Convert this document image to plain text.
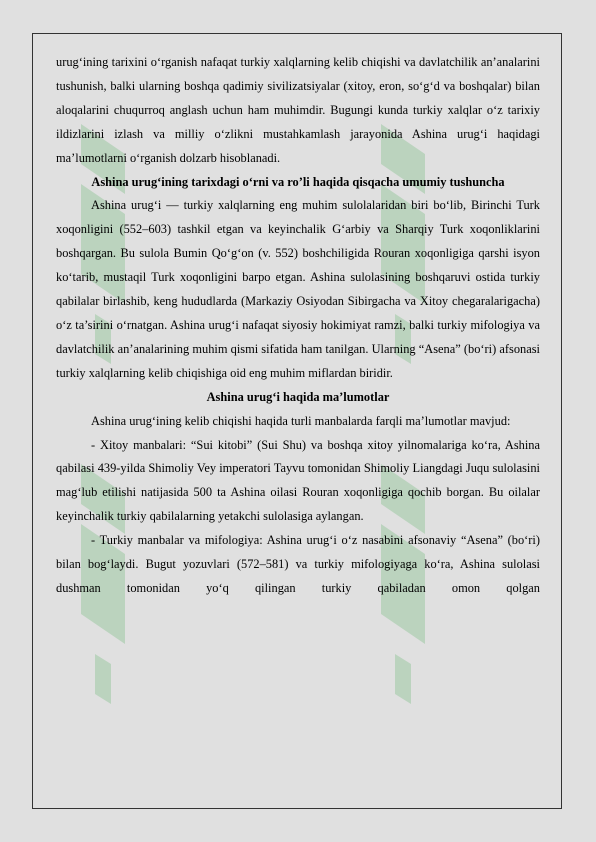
urug‘ining tarixini o‘rganish nafaqat turkiy xalqlarning kelib chiqishi va davlatchilik an’analarini tushunish, balki ularning boshqa qadimiy sivilizatsiyalar (xitoy, eron, so‘g‘d va boshqalar) bilan aloqalarini chuqurroq anglash uchun ham muhimdir. Bugungi kunda turkiy xalqlar o‘z tarixiy ildizlarini izlash va milliy o‘zlikni mustahkamlash jarayonida Ashina urug‘i haqidagi ma’lumotlarni o‘rganish dolzarb hisoblanadi.

Ashina urug‘ining tarixdagi o‘rni va ro’li haqida qisqacha umumiy tushuncha

Ashina urug‘i — turkiy xalqlarning eng muhim sulolalaridan biri bo‘lib, Birinchi Turk xoqonligini (552–603) tashkil etgan va keyinchalik G‘arbiy va Sharqiy Turk xoqonliklarini boshqargan. Bu sulola Bumin Qo‘g‘on (v. 552) boshchiligida Rouran xoqonligiga qarshi isyon ko‘tarib, mustaqil Turk xoqonligini barpo etgan. Ashina sulolasining boshqaruvi ostida turkiy qabilalar birlashib, keng hududlarda (Markaziy Osiyodan Sibirgacha va Xitoy chegaralarigacha) o‘z ta’sirini o‘rnatgan. Ashina urug‘i nafaqat siyosiy hokimiyat ramzi, balki turkiy mifologiya va davlatchilik an’analarining muhim qismi sifatida ham tanilgan. Ularning “Asena” (bo‘ri) afsonasi turkiy xalqlarning kelib chiqishiga oid eng muhim miflardan biridir.

Ashina urug‘i haqida ma’lumotlar

Ashina urug‘ining kelib chiqishi haqida turli manbalarda farqli ma’lumotlar mavjud:

- Xitoy manbalari: “Sui kitobi” (Sui Shu) va boshqa xitoy yilnomalariga ko‘ra, Ashina qabilasi 439-yilda Shimoliy Vey imperatori Tayvu tomonidan Shimoliy Liangdagi Juqu sulolasini mag‘lub etilishi natijasida 500 ta Ashina oilasi Rouran xoqonligiga qochib borgan. Bu oilalar keyinchalik turkiy qabilalarning yetakchi sulolasiga aylangan.

- Turkiy manbalar va mifologiya: Ashina urug‘i o‘z nasabini afsonaviy “Asena” (bo‘ri) bilan bog‘laydi. Bugut yozuvlari (572–581) va turkiy mifologiyaga ko‘ra, Ashina sulolasi dushman tomonidan yo‘q qilingan turkiy qabiladan omon qolgan
